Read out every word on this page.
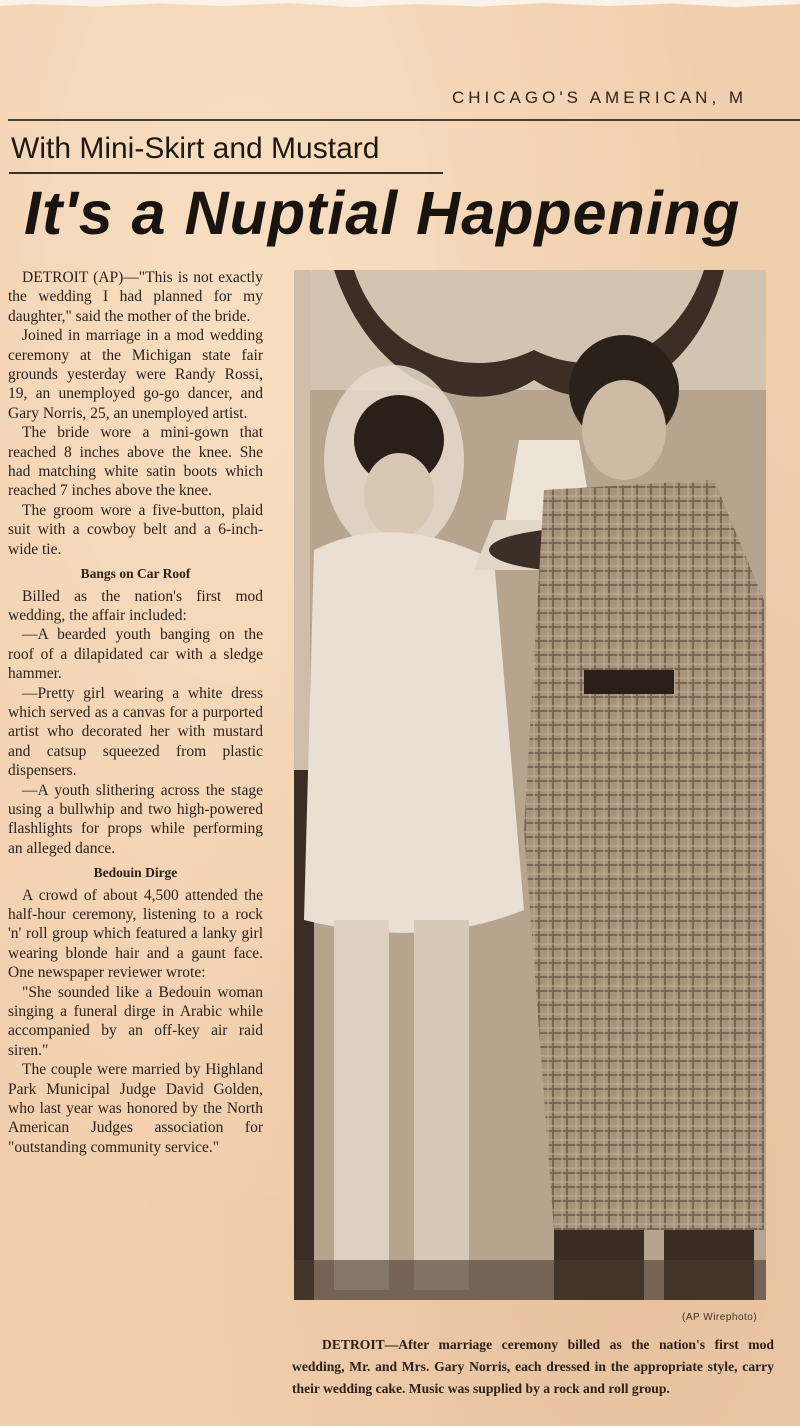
CHICAGO'S AMERICAN, M
With Mini-Skirt and Mustard
It's a Nuptial Happening

DETROIT (AP)—"This is not exactly the wedding I had planned for my daughter," said the mother of the bride.

Joined in marriage in a mod wedding ceremony at the Michigan state fair grounds yesterday were Randy Rossi, 19, an unemployed go-go dancer, and Gary Norris, 25, an unemployed artist.

The bride wore a mini-gown that reached 8 inches above the knee. She had matching white satin boots which reached 7 inches above the knee.

The groom wore a five-button, plaid suit with a cowboy belt and a 6-inch-wide tie.

Bangs on Car Roof

Billed as the nation's first mod wedding, the affair included:

—A bearded youth banging on the roof of a dilapidated car with a sledge hammer.

—Pretty girl wearing a white dress which served as a canvas for a purported artist who decorated her with mustard and catsup squeezed from plastic dispensers.

—A youth slithering across the stage using a bullwhip and two high-powered flashlights for props while performing an alleged dance.

Bedouin Dirge

A crowd of about 4,500 attended the half-hour ceremony, listening to a rock 'n' roll group which featured a lanky girl wearing blonde hair and a gaunt face. One newspaper reviewer wrote:

"She sounded like a Bedouin woman singing a funeral dirge in Arabic while accompanied by an off-key air raid siren."

The couple were married by Highland Park Municipal Judge David Golden, who last year was honored by the North American Judges association for "outstanding community service."

(AP Wirephoto)
DETROIT—After marriage ceremony billed as the nation's first mod wedding, Mr. and Mrs. Gary Norris, each dressed in the appropriate style, carry their wedding cake. Music was supplied by a rock and roll group.
